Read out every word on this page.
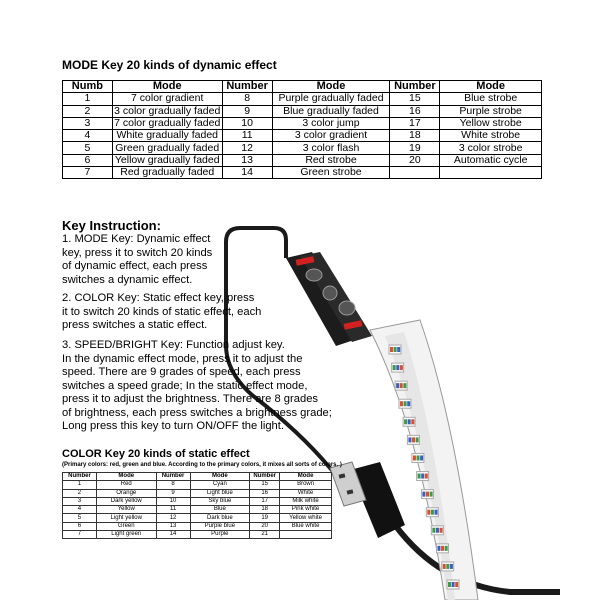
MODE Key 20 kinds of dynamic effect
Numb	Mode	Number	Mode	Number	Mode
1	7 color gradient	8	Purple gradually faded	15	Blue strobe
2	3 color gradually faded	9	Blue gradually faded	16	Purple strobe
3	7 color gradually faded	10	3 color jump	17	Yellow strobe
4	White gradually faded	11	3 color gradient	18	White strobe
5	Green gradually faded	12	3 color flash	19	3 color strobe
6	Yellow gradually faded	13	Red strobe	20	Automatic cycle
7	Red gradually faded	14	Green strobe		
Key Instruction:

1. MODE Key: Dynamic effect
key, press it to switch 20 kinds
of dynamic effect, each press
switches a dynamic effect.

2. COLOR Key: Static effect key, press
it to switch 20 kinds of static effect, each
press switches a static effect.

3. SPEED/BRIGHT Key: Function adjust key.
In the dynamic effect mode, press it to adjust the
speed. There are 9 grades of speed, each press
switches a speed grade; In the static effect mode,
press it to adjust the brightness. There are 8 grades
of brightness, each press switches a brightness grade;
Long press this key to turn ON/OFF the light.

COLOR Key 20 kinds of static effect
(Primary colors: red, green and blue. According to the primary colors, it mixes all sorts of colors. )
Number	Mode	Number	Mode	Number	Mode
1	Red	8	Cyan	15	Brown
2	Orange	9	Light blue	16	White
3	Dark yellow	10	Sky blue	17	Milk white
4	Yellow	11	Blue	18	Pink white
5	Light yellow	12	Dark blue	19	Yellow white
6	Green	13	Purple blue	20	Blue white
7	Light green	14	Purple	21	
